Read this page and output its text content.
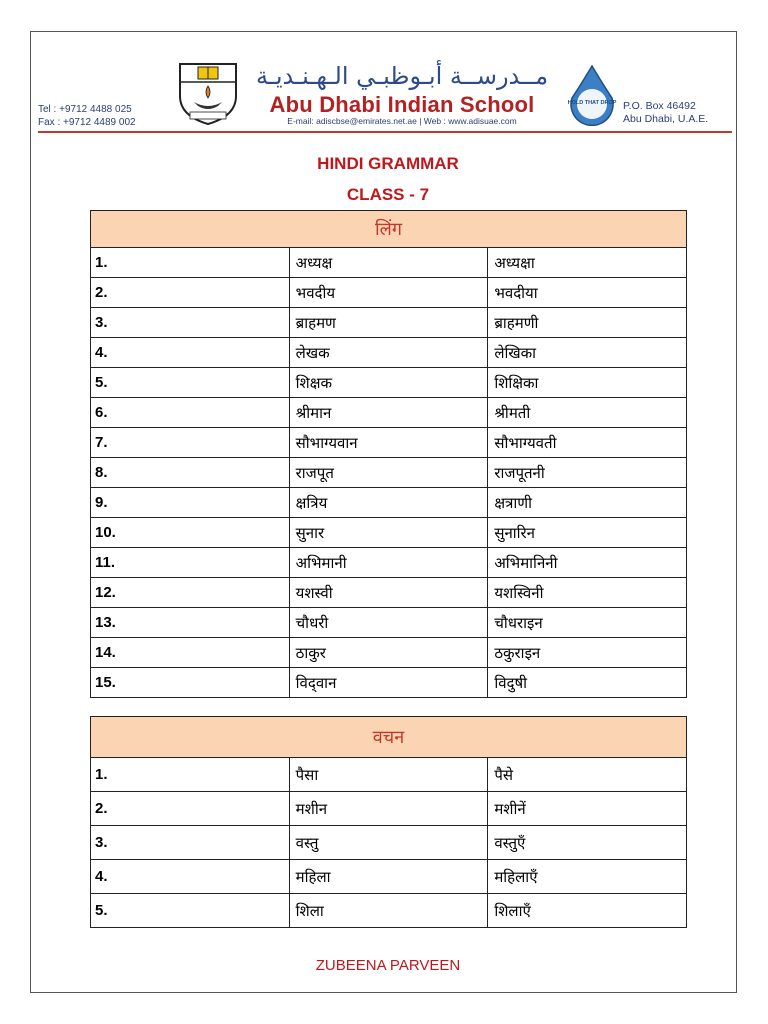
Tel : +9712 4488 025
Fax : +9712 4489 002
مــدرســة أبـوظبـي الـهـنـديـة
Abu Dhabi Indian School
E-mail: adiscbse@emirates.net.ae | Web : www.adisuae.com
HOLD THAT DROP P.O. Box 46492
Abu Dhabi, U.A.E.
HINDI GRAMMAR
CLASS - 7
लिंग		
1.	अध्यक्ष	अध्यक्षा
2.	भवदीय	भवदीया
3.	ब्राहमण	ब्राहमणी
4.	लेखक	लेखिका
5.	शिक्षक	शिक्षिका
6.	श्रीमान	श्रीमती
7.	सौभाग्यवान	सौभाग्यवती
8.	राजपूत	राजपूतनी
9.	क्षत्रिय	क्षत्राणी
10.	सुनार	सुनारिन
11.	अभिमानी	अभिमानिनी
12.	यशस्वी	यशस्विनी
13.	चौधरी	चौधराइन
14.	ठाकुर	ठकुराइन
15.	विद्‌वान	विदुषी
वचन		
1.	पैसा	पैसे
2.	मशीन	मशीनें
3.	वस्तु	वस्तुएँ
4.	महिला	महिलाएँ
5.	शिला	शिलाएँ
ZUBEENA PARVEEN
